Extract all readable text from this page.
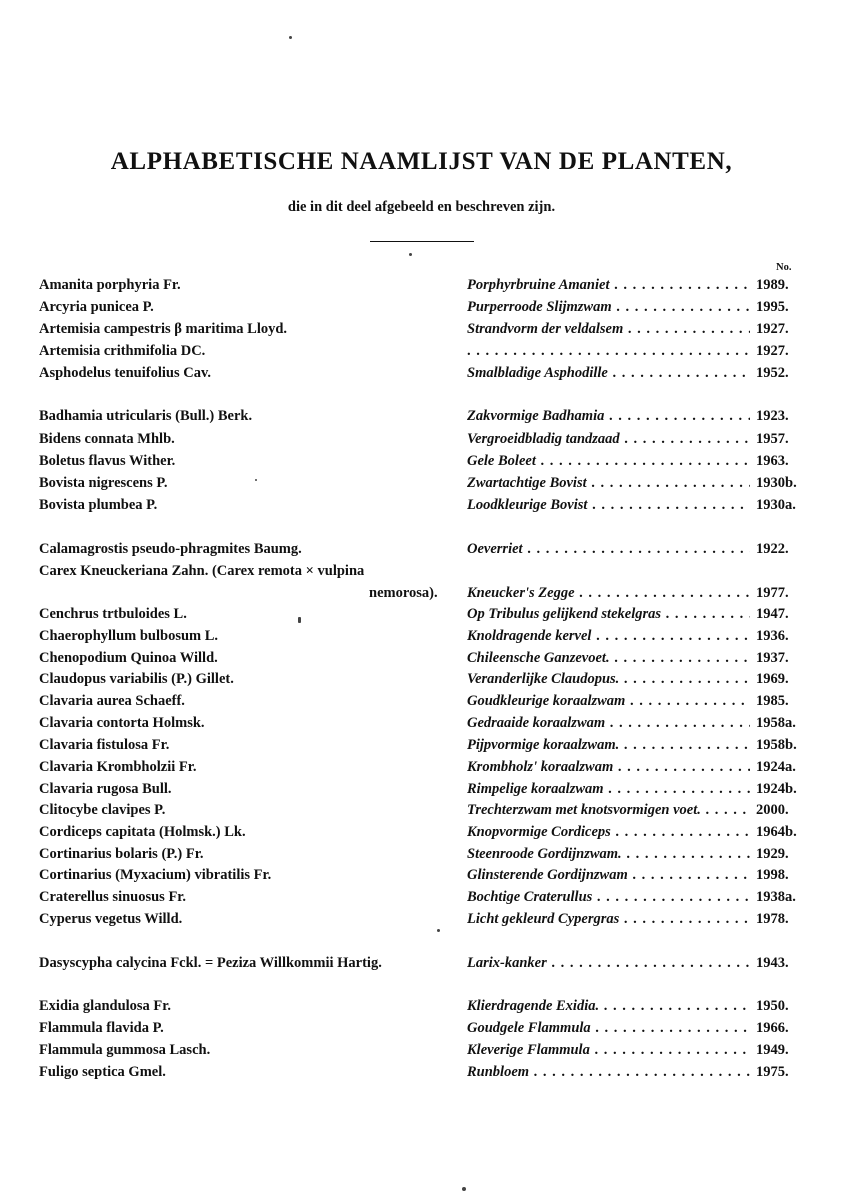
ALPHABETISCHE NAAMLIJST VAN DE PLANTEN,
die in dit deel afgebeeld en beschreven zijn.
No.
Amanita porphyria Fr.	Porphyrbruine Amaniet . . .	1989.
Arcyria punicea P.	Purperroode Slijmzwam . . .	1995.
Artemisia campestris β maritima Lloyd.	Strandvorm der veldalsem . . .	1927.
Artemisia crithmifolia DC.
. . .	1927.
Asphodelus tenuifolius Cav.	Smalbladige Asphodille . . .	1952.
Badhamia utricularis (Bull.) Berk.	Zakvormige Badhamia . . .	1923.
Bidens connata Mhlb.	Vergroeidbladig tandzaad . . .	1957.
Boletus flavus Wither.	Gele Boleet . . .	1963.
Bovista nigrescens P.	Zwartachtige Bovist . . .	1930b.
Bovista plumbea P.	Loodkleurige Bovist . . .	1930a.
Calamagrostis pseudo-phragmites Baumg.	Oeverriet . . .	1922.
Carex Kneuckeriana Zahn. (Carex remota × vulpina
nemorosa). Kneucker's Zegge . . .	1977.
Cenchrus trtbuloides L.	Op Tribulus gelijkend stekelgras . . .	1947.
Chaerophyllum bulbosum L.	Knoldragende kervel . . .	1936.
Chenopodium Quinoa Willd.	Chileensche Ganzevoet. . . .	1937.
Claudopus variabilis (P.) Gillet.	Veranderlijke Claudopus. . . .	1969.
Clavaria aurea Schaeff.	Goudkleurige koraalzwam . . .	1985.
Clavaria contorta Holmsk.	Gedraaide koraalzwam . . .	1958a.
Clavaria fistulosa Fr.	Pijpvormige koraalzwam. . . .	1958b.
Clavaria Krombholzii Fr.	Krombholz' koraalzwam . . .	1924a.
Clavaria rugosa Bull.	Rimpelige koraalzwam . . .	1924b.
Clitocybe clavipes P.	Trechterzwam met knotsvormigen voet. . . .	2000.
Cordiceps capitata (Holmsk.) Lk.	Knopvormige Cordiceps . . .	1964b.
Cortinarius bolaris (P.) Fr.	Steenroode Gordijnzwam. . . .	1929.
Cortinarius (Myxacium) vibratilis Fr.	Glinsterende Gordijnzwam . . .	1998.
Craterellus sinuosus Fr.	Bochtige Craterullus . . .	1938a.
Cyperus vegetus Willd.	Licht gekleurd Cypergras . . .	1978.
Dasyscypha calycina Fckl. = Peziza Willkommii Hartig.	Larix-kanker . . .	1943.
Exidia glandulosa Fr.	Klierdragende Exidia. . . .	1950.
Flammula flavida P.	Goudgele Flammula . . .	1966.
Flammula gummosa Lasch.	Kleverige Flammula . . .	1949.
Fuligo septica Gmel.	Runbloem . . .	1975.
